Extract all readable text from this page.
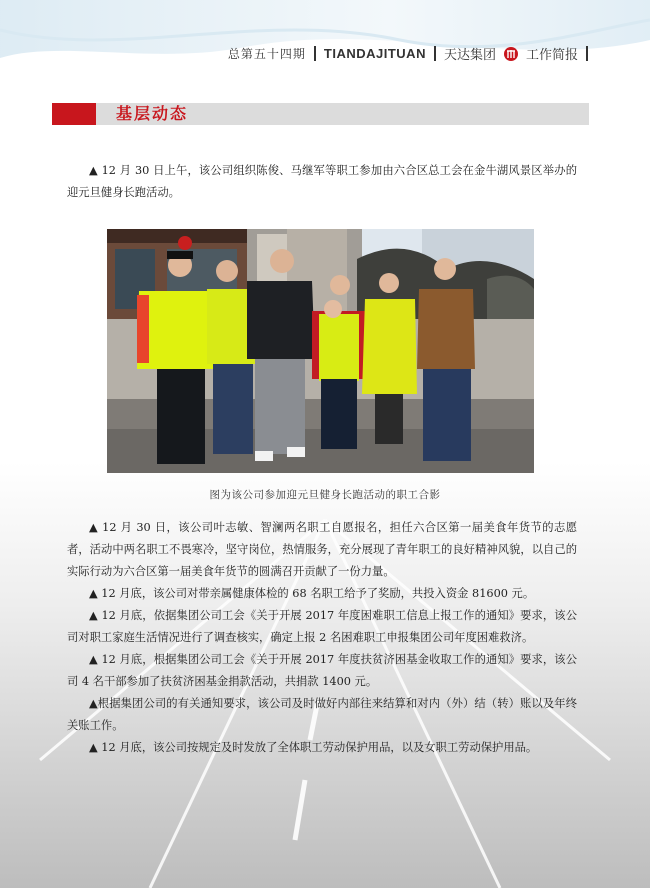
总第五十四期 TIANDAJITUAN 天达集团 工作简报
基层动态

▲ 12 月 30 日上午，该公司组织陈俊、马继军等职工参加由六合区总工会在金牛湖风景区举办的迎元旦健身长跑活动。

图为该公司参加迎元旦健身长跑活动的职工合影

▲ 12 月 30 日，该公司叶志敏、智澜两名职工自愿报名，担任六合区第一届美食年货节的志愿者，活动中两名职工不畏寒冷，坚守岗位，热情服务，充分展现了青年职工的良好精神风貌，以自己的实际行动为六合区第一届美食年货节的圆满召开贡献了一份力量。

▲ 12 月底，该公司对带亲属健康体检的 68 名职工给予了奖励，共投入资金 81600 元。

▲ 12 月底，依据集团公司工会《关于开展 2017 年度困难职工信息上报工作的通知》要求，该公司对职工家庭生活情况进行了调查核实，确定上报 2 名困难职工申报集团公司年度困难救济。

▲ 12 月底，根据集团公司工会《关于开展 2017 年度扶贫济困基金收取工作的通知》要求，该公司 4 名干部参加了扶贫济困基金捐款活动，共捐款 1400 元。

▲根据集团公司的有关通知要求，该公司及时做好内部往来结算和对内（外）结（转）账以及年终关账工作。

▲ 12 月底，该公司按规定及时发放了全体职工劳动保护用品，以及女职工劳动保护用品。
